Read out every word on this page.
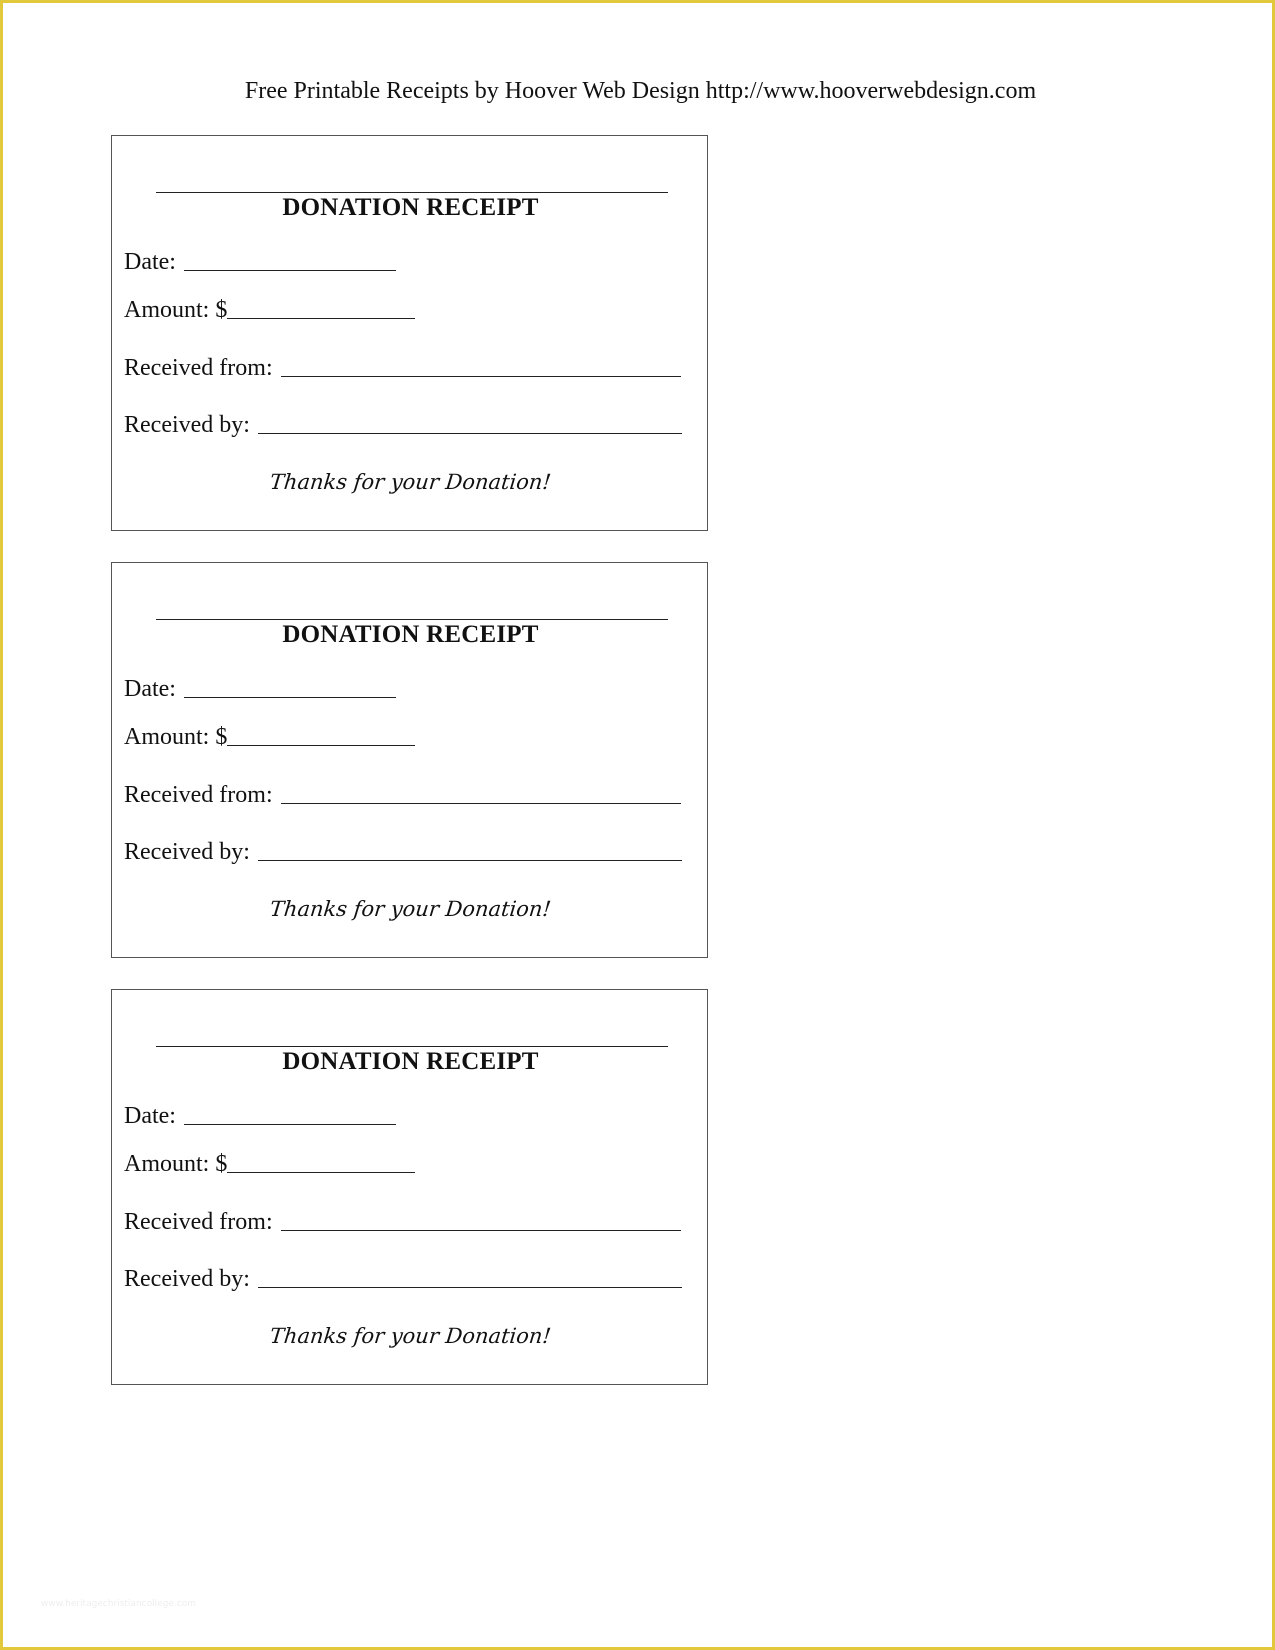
Free Printable Receipts by Hoover Web Design http://www.hooverwebdesign.com
DONATION RECEIPT
Date:
Amount: $
Received from:
Received by:
Thanks for your Donation!
DONATION RECEIPT
Date:
Amount: $
Received from:
Received by:
Thanks for your Donation!
DONATION RECEIPT
Date:
Amount: $
Received from:
Received by:
Thanks for your Donation!
www.heritagechristiancollege.com
